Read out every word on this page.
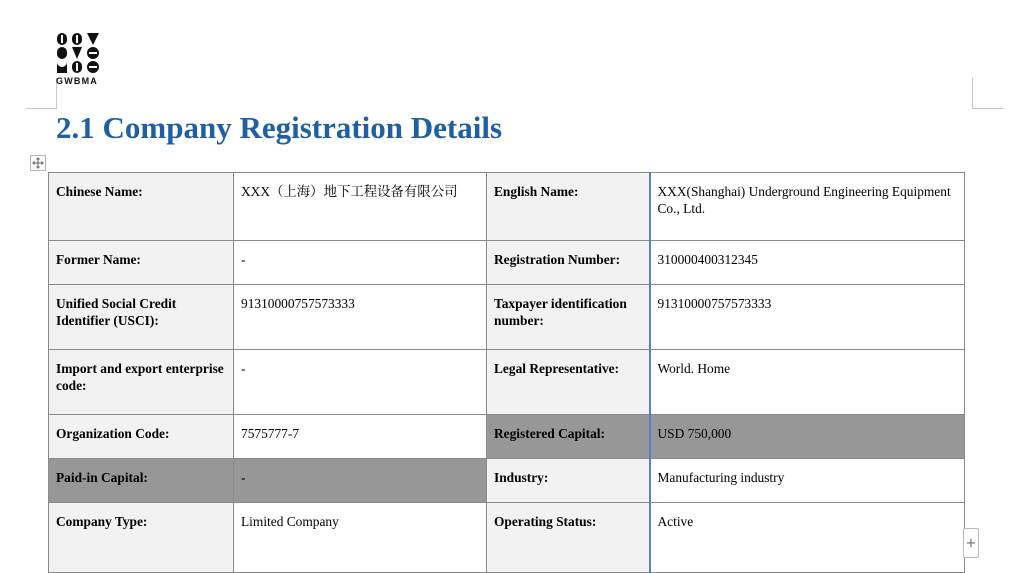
GWBMA
2.1 Company Registration Details
Chinese Name:	XXX（上海）地下工程设备有限公司	English Name:	XXX(Shanghai) Underground Engineering Equipment Co., Ltd.
Former Name:	-	Registration Number:	310000400312345
Unified Social Credit Identifier (USCI):	91310000757573333	Taxpayer identification number:	91310000757573333
Import and export enterprise code:	-	Legal Representative:	World. Home
Organization Code:	7575777-7	Registered Capital:	USD 750,000
Paid-in Capital:	-	Industry:	Manufacturing industry
Company Type:	Limited Company	Operating Status:	Active
+
